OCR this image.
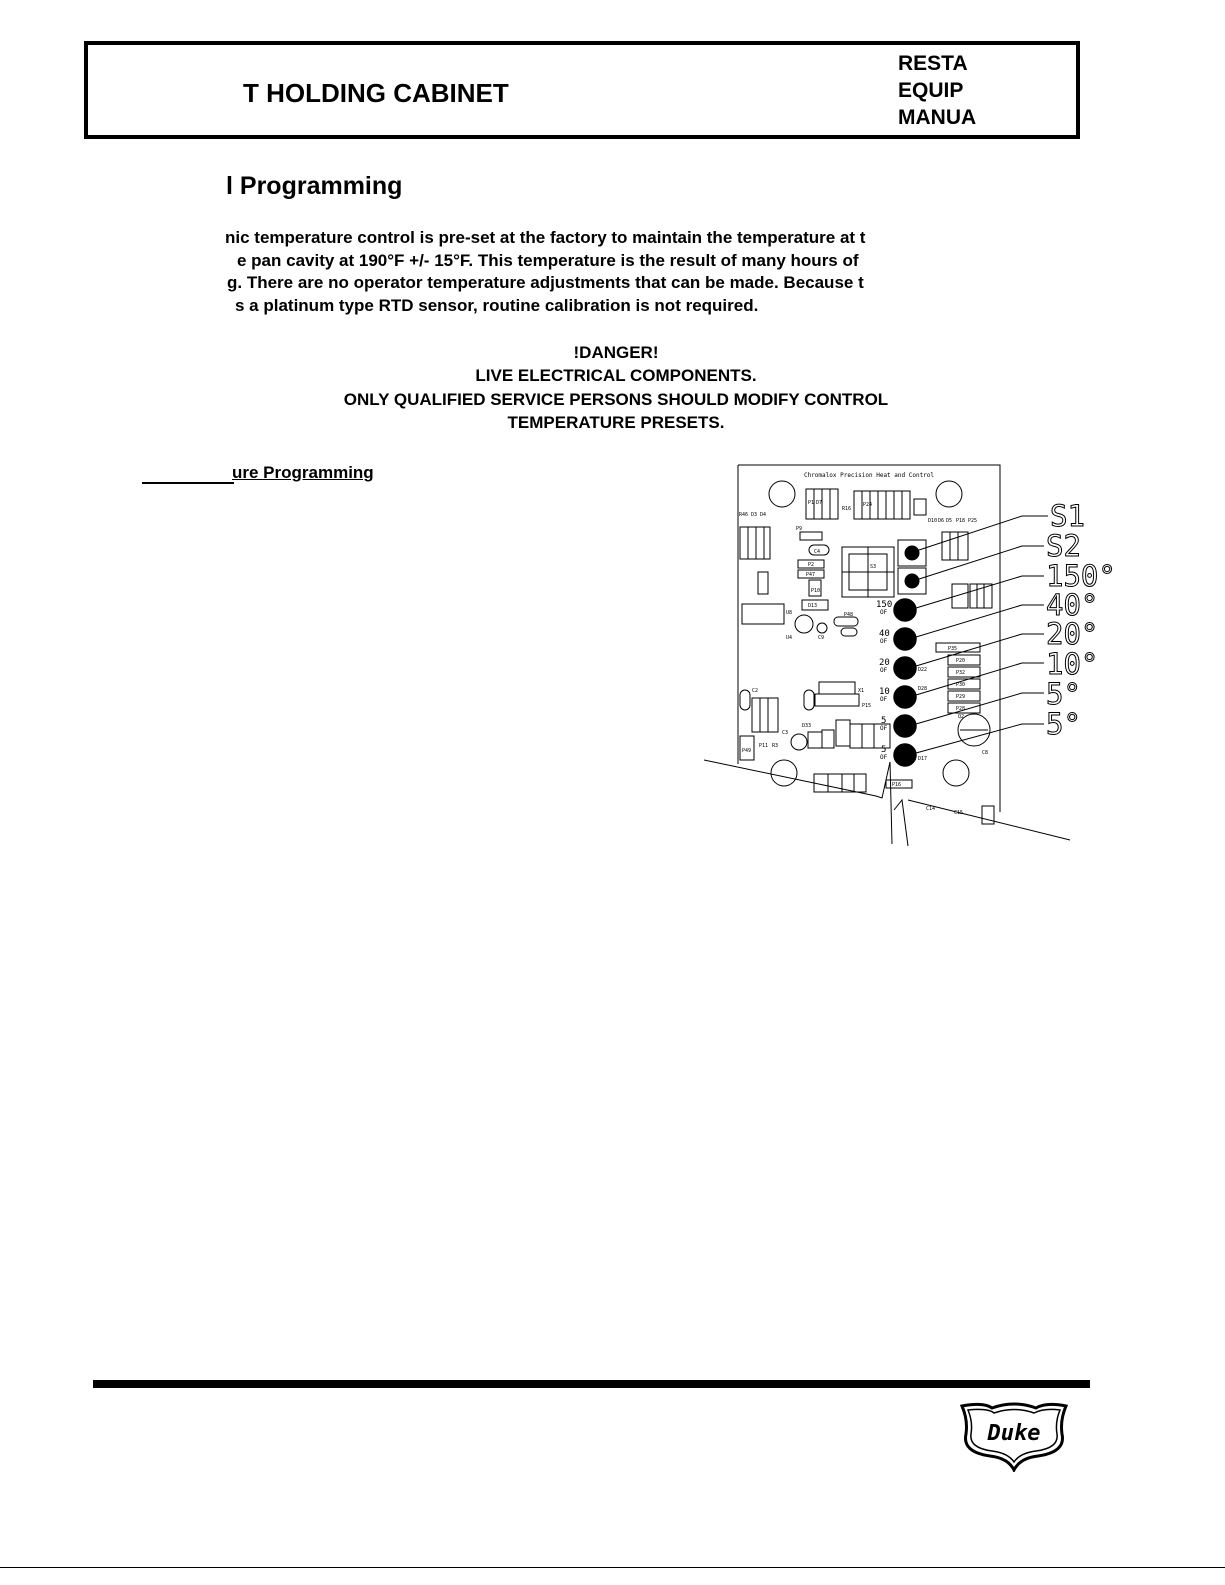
T HOLDING CABINET
RESTA
EQUIP
MANUA
l Programming
nic temperature control is pre-set at the factory to maintain the temperature at t
e pan cavity at 190°F +/- 15°F. This temperature is the result of many hours of
g. There are no operator temperature adjustments that can be made. Because t
s a platinum type RTD sensor, routine calibration is not required.
!DANGER!
LIVE ELECTRICAL COMPONENTS.
ONLY QUALIFIED SERVICE PERSONS SHOULD MODIFY CONTROL
TEMPERATURE PRESETS.
ure Programming	Chromalox Precision Heat and Control
150
40
20
10
5
5
OF
OF
OF
OF
OF
OF
R46 D3 D4
P9
C4
P2
P47
P10
D13
U8
U4	C9
P48
S3
D10 D6 D5 P18 P25
P35
P20
P32
P30
P29
P28
X1
P15
C2
C3
P11 R3
D33
D28
D22
D17
P16
C14
C15
Q2
C8
P49
P1 D7
R16
P24	S1
S2
150°
40°
20°
10°
5°
5°
Duke
